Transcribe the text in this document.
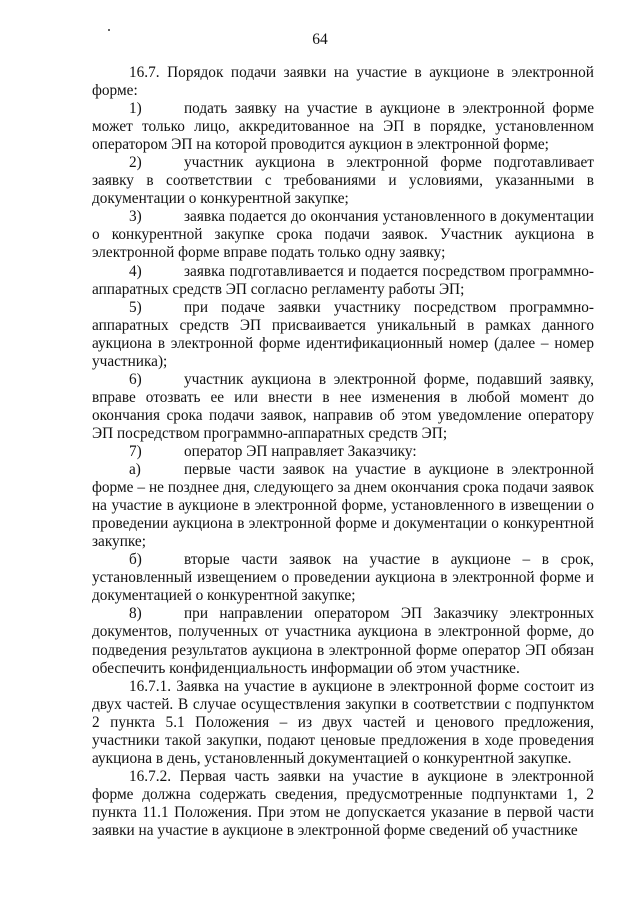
64

16.7. Порядок подачи заявки на участие в аукционе в электронной форме:

1)	подать заявку на участие в аукционе в электронной форме может только лицо, аккредитованное на ЭП в порядке, установленном оператором ЭП на которой проводится аукцион в электронной форме;

2)	участник аукциона в электронной форме подготавливает заявку в соответствии с требованиями и условиями, указанными в документации о конкурентной закупке;

3)	заявка подается до окончания установленного в документации о конкурентной закупке срока подачи заявок. Участник аукциона в электронной форме вправе подать только одну заявку;

4)	заявка подготавливается и подается посредством программно-аппаратных средств ЭП согласно регламенту работы ЭП;

5)	при подаче заявки участнику посредством программно-аппаратных средств ЭП присваивается уникальный в рамках данного аукциона в электронной форме идентификационный номер (далее – номер участника);

6)	участник аукциона в электронной форме, подавший заявку, вправе отозвать ее или внести в нее изменения в любой момент до окончания срока подачи заявок, направив об этом уведомление оператору ЭП посредством программно-аппаратных средств ЭП;

7)	оператор ЭП направляет Заказчику:

а)	первые части заявок на участие в аукционе в электронной форме – не позднее дня, следующего за днем окончания срока подачи заявок на участие в аукционе в электронной форме, установленного в извещении о проведении аукциона в электронной форме и документации о конкурентной закупке;

б)	вторые части заявок на участие в аукционе – в срок, установленный извещением о проведении аукциона в электронной форме и документацией о конкурентной закупке;

8)	при направлении оператором ЭП Заказчику электронных документов, полученных от участника аукциона в электронной форме, до подведения результатов аукциона в электронной форме оператор ЭП обязан обеспечить конфиденциальность информации об этом участнике.

16.7.1. Заявка на участие в аукционе в электронной форме состоит из двух частей. В случае осуществления закупки в соответствии с подпунктом 2 пункта 5.1 Положения – из двух частей и ценового предложения, участники такой закупки, подают ценовые предложения в ходе проведения аукциона в день, установленный документацией о конкурентной закупке.

16.7.2. Первая часть заявки на участие в аукционе в электронной форме должна содержать сведения, предусмотренные подпунктами 1, 2 пункта 11.1 Положения. При этом не допускается указание в первой части заявки на участие в аукционе в электронной форме сведений об участнике
